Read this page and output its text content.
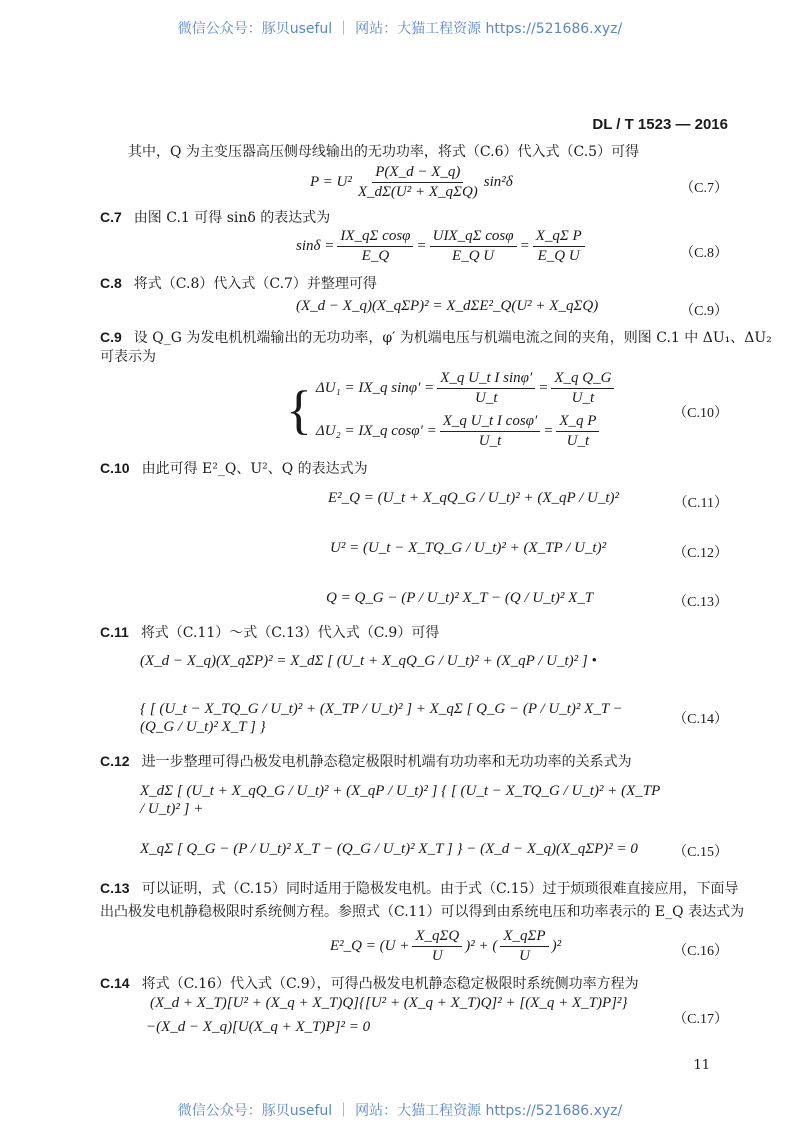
微信公众号：豚贝useful ｜ 网站：大猫工程资源 https://521686.xyz/
DL / T 1523 — 2016
其中，Q 为主变压器高压侧母线输出的无功功率，将式（C.6）代入式（C.5）可得
$P = U^2 \frac{P(X\_d - X\_q)}{\text{X\_dΣ(U² + X\_qΣQ)}} \sin^2\delta$	（C.7）
C.7 由图 C.1 可得 sinδ 的表达式为
$\sin\delta = \frac{\text{IX\_qΣ cosφ}}{E\_Q} = \frac{\text{UIX\_qΣ cosφ}}{\text{E\_Q U}} = \frac{\text{X\_qΣ P}}{\text{E\_Q U}}$	（C.8）
C.8 将式（C.8）代入式（C.7）并整理可得
(X_d − X_q)(X_qΣP)² = X_dΣE²_Q(U² + X_qΣQ)	（C.9）
C.9 设 Q_G 为发电机机端输出的无功功率，φ′ 为机端电压与机端电流之间的夹角，则图 C.1 中 ΔU₁、ΔU₂
可表示为
{ ΔU₁ = IX_q $\sin\varphi' = \frac{\text{X\_q U\_t I sinφ′}}{U\_t} = \frac{\text{X\_q Q\_G}}{U\_t}$
ΔU₂ = IX_q $\cos\varphi' = \frac{\text{X\_q U\_t I cosφ′}}{U\_t} = \frac{\text{X\_q P}}{U\_t}$	（C.10）
C.10 由此可得 E²_Q、U²、Q 的表达式为
E²_Q = (U_t + X_qQ_G / U_t)² + (X_qP / U_t)²	（C.11）
U² = (U_t − X_TQ_G / U_t)² + (X_TP / U_t)²	（C.12）
Q = Q_G − (P / U_t)² X_T − (Q / U_t)² X_T	（C.13）
C.11 将式（C.11）～式（C.13）代入式（C.9）可得
(X_d − X_q)(X_qΣP)² = X_dΣ [ (U_t + X_qQ_G / U_t)² + (X_qP / U_t)² ] •
{ [ (U_t − X_TQ_G / U_t)² + (X_TP / U_t)² ] + X_qΣ [ Q_G − (P / U_t)² X_T − (Q_G / U_t)² X_T ] }	（C.14）
C.12 进一步整理可得凸极发电机静态稳定极限时机端有功功率和无功功率的关系式为
X_dΣ [ (U_t + X_qQ_G / U_t)² + (X_qP / U_t)² ] { [ (U_t − X_TQ_G / U_t)² + (X_TP / U_t)² ] +
X_qΣ [ Q_G − (P / U_t)² X_T − (Q_G / U_t)² X_T ] } − (X_d − X_q)(X_qΣP)² = 0	（C.15）
C.13 可以证明，式（C.15）同时适用于隐极发电机。由于式（C.15）过于烦琐很难直接应用，下面导
出凸极发电机静稳极限时系统侧方程。参照式（C.11）可以得到由系统电压和功率表示的 E_Q 表达式为
E²_Q = $(U + \frac{\text{X\_qΣQ}}{U} )^2$ + ( $\frac{\text{X\_qΣP}}{U} )^2$	（C.16）
C.14 将式（C.16）代入式（C.9），可得凸极发电机静态稳定极限时系统侧功率方程为
(X_d + X_T)[U² + (X_q + X_T)Q]{[U² + (X_q + X_T)Q]² + [(X_q + X_T)P]²}
−(X_d − X_q)[U(X_q + X_T)P]² = 0	（C.17）
11
微信公众号：豚贝useful ｜ 网站：大猫工程资源 https://521686.xyz/
